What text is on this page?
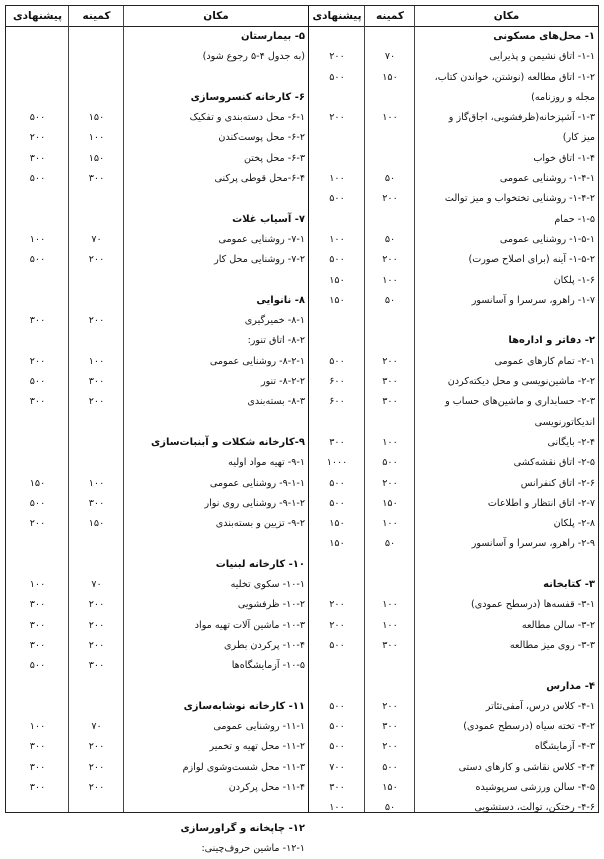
مکان
کمینه
پیشنهادی
مکان
کمینه
پیشنهادی
۱- محل‌های مسکونی
۱-۱- اتاق نشیمن و پذیرایی
۷۰
۲۰۰
۱-۲- اتاق مطالعه (نوشتن، خواندن کتاب،
۱۵۰
۵۰۰
مجله و روزنامه)
۱-۳- آشپزخانه(ظرفشویی، اجاق‌گاز و
۱۰۰
۲۰۰
میز کار)
۱-۴- اتاق خواب
۱-۴-۱- روشنایی عمومی
۵۰
۱۰۰
۱-۴-۲- روشنایی تختخواب و میز توالت
۲۰۰
۵۰۰
۱-۵- حمام
۱-۵-۱- روشنایی عمومی
۵۰
۱۰۰
۱-۵-۲- آینه (برای اصلاح صورت)
۲۰۰
۵۰۰
۱-۶- پلکان
۱۰۰
۱۵۰
۱-۷- راهرو، سرسرا و آسانسور
۵۰
۱۵۰
۲- دفاتر و اداره‌ها
۲-۱- تمام کارهای عمومی
۲۰۰
۵۰۰
۲-۲- ماشین‌نویسی و محل دیکته‌کردن
۳۰۰
۶۰۰
۲-۳- حسابداری و ماشین‌های حساب و
۳۰۰
۶۰۰
اندیکاتورنویسی
۲-۴- بایگانی
۱۰۰
۳۰۰
۲-۵- اتاق نقشه‌کشی
۵۰۰
۱۰۰۰
۲-۶- اتاق کنفرانس
۲۰۰
۵۰۰
۲-۷- اتاق انتظار و اطلاعات
۱۵۰
۵۰۰
۲-۸- پلکان
۱۰۰
۱۵۰
۲-۹- راهرو، سرسرا و آسانسور
۵۰
۱۵۰
۳- کتابخانه
۳-۱- قفسه‌ها (درسطح عمودی)
۱۰۰
۲۰۰
۳-۲- سالن مطالعه
۱۰۰
۲۰۰
۳-۳- روی میز مطالعه
۳۰۰
۵۰۰
۴- مدارس
۴-۱- کلاس درس، آمفی‌تئاتر
۲۰۰
۵۰۰
۴-۲- تخته سیاه (درسطح عمودی)
۳۰۰
۵۰۰
۴-۳- آزمایشگاه
۲۰۰
۵۰۰
۴-۴- کلاس نقاشی و کارهای دستی
۵۰۰
۷۰۰
۴-۵- سالن ورزشی سرپوشیده
۱۵۰
۳۰۰
۴-۶- رختکن، توالت، دستشویی
۵۰
۱۰۰
۵- بیمارستان
(به جدول ۴-۵ رجوع شود)
۶- کارخانه کنسروسازی
۶-۱- محل دسته‌بندی و تفکیک
۱۵۰
۵۰۰
۶-۲- محل پوست‌کندن
۱۰۰
۲۰۰
۶-۳- محل پختن
۱۵۰
۳۰۰
۶-۴-محل قوطی پرکنی
۳۰۰
۵۰۰
۷- آسیاب غلات
۷-۱- روشنایی عمومی
۷۰
۱۰۰
۷-۲- روشنایی محل کار
۲۰۰
۵۰۰
۸- نانوایی
۸-۱- خمیرگیری
۲۰۰
۳۰۰
۸-۲- اتاق تنور:
۸-۲-۱- روشنایی عمومی
۱۰۰
۲۰۰
۸-۲-۲- تنور
۳۰۰
۵۰۰
۸-۳- بسته‌بندی
۲۰۰
۳۰۰
۹-کارخانه شکلات و آبنبات‌سازی
۹-۱- تهیه مواد اولیه
۹-۱-۱- روشنایی عمومی
۱۰۰
۱۵۰
۹-۱-۲- روشنایی روی نوار
۳۰۰
۵۰۰
۹-۲- تزیین و بسته‌بندی
۱۵۰
۲۰۰
۱۰- کارخانه لبنیات
۱۰-۱- سکوی تخلیه
۷۰
۱۰۰
۱۰-۲- ظرفشویی
۲۰۰
۳۰۰
۱۰-۳- ماشین آلات تهیه مواد
۲۰۰
۳۰۰
۱۰-۴- پرکردن بطری
۲۰۰
۳۰۰
۱۰-۵- آزمایشگاه‌ها
۳۰۰
۵۰۰
۱۱- کارخانه نوشابه‌سازی
۱۱-۱- روشنایی عمومی
۷۰
۱۰۰
۱۱-۲- محل تهیه و تخمیر
۲۰۰
۳۰۰
۱۱-۳- محل شست‌وشوی لوازم
۲۰۰
۳۰۰
۱۱-۴- محل پرکردن
۲۰۰
۳۰۰
۱۲- چاپخانه و گراورسازی
۱۲-۱- ماشین حروف‌چینی:
